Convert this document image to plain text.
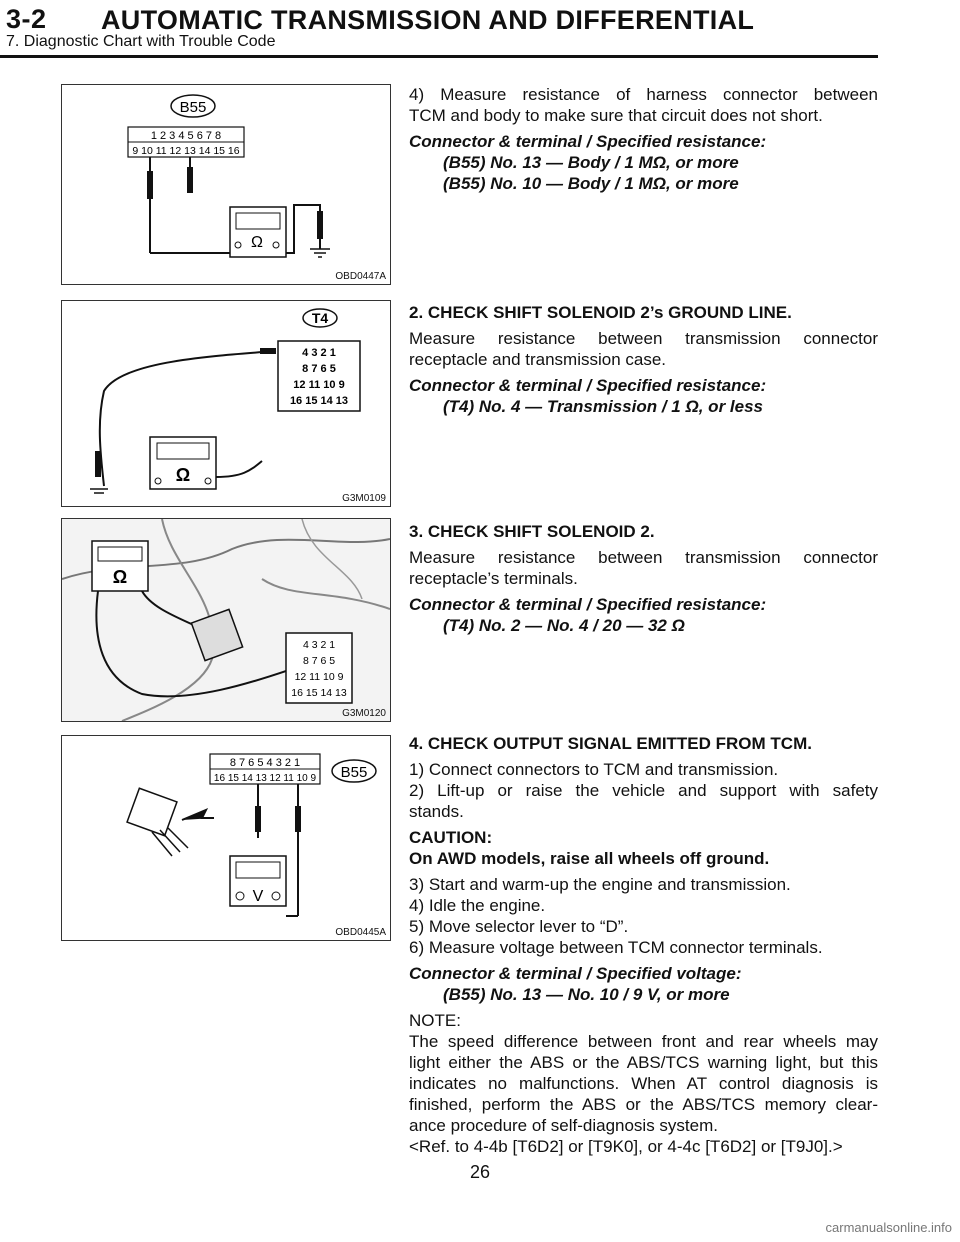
3-2 AUTOMATIC TRANSMISSION AND DIFFERENTIAL
7. Diagnostic Chart with Trouble Code
B55
1 2 3 4 5 6 7 8
9 10 11 12 13 14 15 16
Ω
OBD0447A
T4
4 3 2 1
8 7 6 5
12 11 10 9
16 15 14 13
Ω
G3M0109
Ω
4 3 2 1
8 7 6 5
12 11 10 9
16 15 14 13
G3M0120
8 7 6 5 4 3 2 1
16 15 14 13 12 11 10 9 B55
V
OBD0445A

4) Measure resistance of harness connector between
TCM and body to make sure that circuit does not short.

Connector & terminal / Specified resistance:

(B55) No. 13 — Body / 1 MΩ, or more

(B55) No. 10 — Body / 1 MΩ, or more

2. CHECK SHIFT SOLENOID 2’s GROUND LINE.

Measure resistance between transmission connector
receptacle and transmission case.

Connector & terminal / Specified resistance:

(T4) No. 4 — Transmission / 1 Ω, or less

3. CHECK SHIFT SOLENOID 2.

Measure resistance between transmission connector
receptacle’s terminals.

Connector & terminal / Specified resistance:

(T4) No. 2 — No. 4 / 20 — 32 Ω

4. CHECK OUTPUT SIGNAL EMITTED FROM TCM.

1) Connect connectors to TCM and transmission.
2) Lift-up or raise the vehicle and support with safety
stands.

CAUTION:
On AWD models, raise all wheels off ground.

3) Start and warm-up the engine and transmission.
4) Idle the engine.
5) Move selector lever to “D”.
6) Measure voltage between TCM connector terminals.

Connector & terminal / Specified voltage:

(B55) No. 13 — No. 10 / 9 V, or more

NOTE:
The speed difference between front and rear wheels may
light either the ABS or the ABS/TCS warning light, but this
indicates no malfunctions. When AT control diagnosis is
finished, perform the ABS or the ABS/TCS memory clear-
ance procedure of self-diagnosis system.
<Ref. to 4-4b [T6D2] or [T9K0], or 4-4c [T6D2] or [T9J0].>

26
carmanualsonline.info
